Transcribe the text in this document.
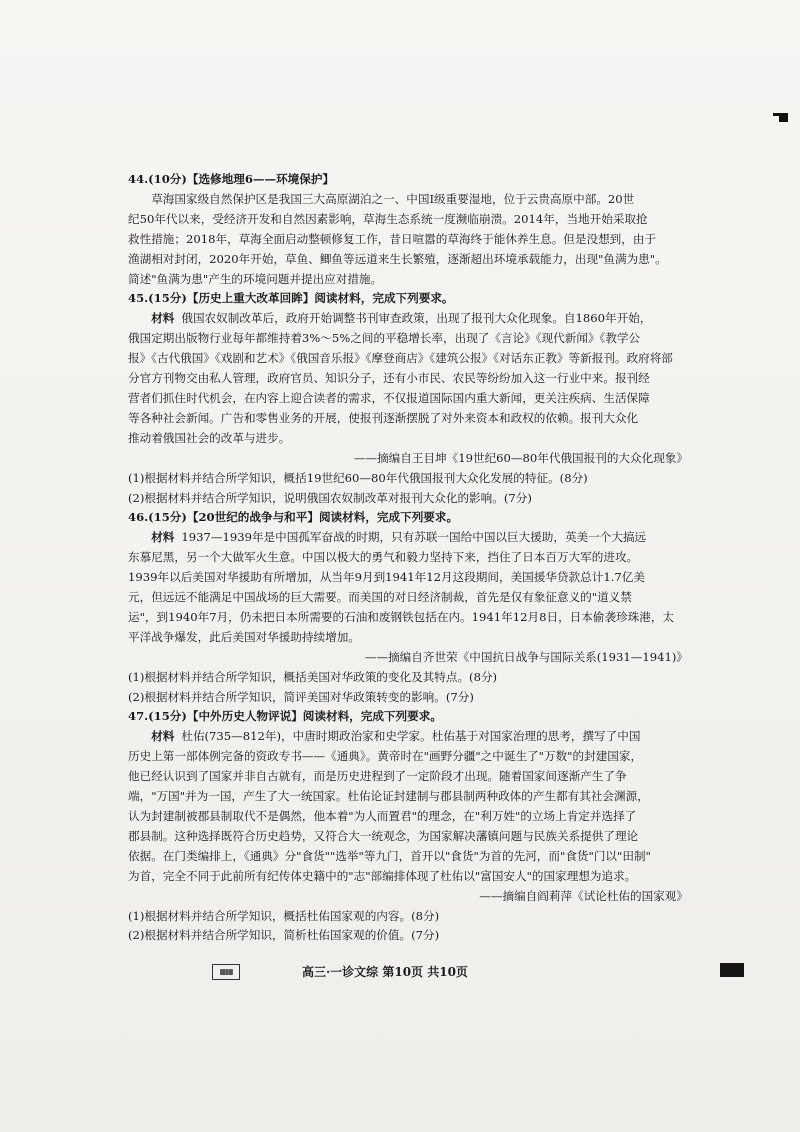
44.(10分)【选修地理6——环境保护】
草海国家级自然保护区是我国三大高原湖泊之一、中国Ⅰ级重要湿地，位于云贵高原中部。20世
纪50年代以来，受经济开发和自然因素影响，草海生态系统一度濒临崩溃。2014年，当地开始采取抢
救性措施；2018年，草海全面启动整顿修复工作，昔日喧嚣的草海终于能休养生息。但是没想到，由于
渔湖相对封闭，2020年开始，草鱼、鲫鱼等远道来生长繁殖，逐渐超出环境承载能力，出现"鱼满为患"。
简述"鱼满为患"产生的环境问题并提出应对措施。
45.(15分)【历史上重大改革回眸】阅读材料，完成下列要求。
材料 俄国农奴制改革后，政府开始调整书刊审查政策，出现了报刊大众化现象。自1860年开始，
俄国定期出版物行业每年都维持着3%～5%之间的平稳增长率，出现了《言论》《现代新闻》《教学公
报》《古代俄国》《戏剧和艺术》《俄国音乐报》《摩登商店》《建筑公报》《对话东正教》等新报刊。政府将部
分官方刊物交由私人管理，政府官员、知识分子，还有小市民、农民等纷纷加入这一行业中来。报刊经
营者们抓住时代机会，在内容上迎合读者的需求，不仅报道国际国内重大新闻，更关注疾病、生活保障
等各种社会新闻。广告和零售业务的开展，使报刊逐渐摆脱了对外来资本和政权的依赖。报刊大众化
推动着俄国社会的改革与进步。
——摘编自王目坤《19世纪60—80年代俄国报刊的大众化现象》
(1)根据材料并结合所学知识，概括19世纪60—80年代俄国报刊大众化发展的特征。(8分)
(2)根据材料并结合所学知识，说明俄国农奴制改革对报刊大众化的影响。(7分)
46.(15分)【20世纪的战争与和平】阅读材料，完成下列要求。
材料 1937—1939年是中国孤军奋战的时期，只有苏联一国给中国以巨大援助，英美一个大搞远
东慕尼黑，另一个大做军火生意。中国以极大的勇气和毅力坚持下来，挡住了日本百万大军的进攻。
1939年以后美国对华援助有所增加，从当年9月到1941年12月这段期间，美国援华贷款总计1.7亿美
元，但远远不能满足中国战场的巨大需要。而美国的对日经济制裁，首先是仅有象征意义的"道义禁
运"，到1940年7月，仍未把日本所需要的石油和废钢铁包括在内。1941年12月8日，日本偷袭珍珠港，太
平洋战争爆发，此后美国对华援助持续增加。
——摘编自齐世荣《中国抗日战争与国际关系(1931—1941)》
(1)根据材料并结合所学知识，概括美国对华政策的变化及其特点。(8分)
(2)根据材料并结合所学知识，简评美国对华政策转变的影响。(7分)
47.(15分)【中外历史人物评说】阅读材料，完成下列要求。
材料 杜佑(735—812年)，中唐时期政治家和史学家。杜佑基于对国家治理的思考，撰写了中国
历史上第一部体例完备的资政专书——《通典》。黄帝时在"画野分疆"之中诞生了"万数"的封建国家，
他已经认识到了国家并非自古就有，而是历史进程到了一定阶段才出现。随着国家间逐渐产生了争
端，"万国"并为一国，产生了大一统国家。杜佑论证封建制与郡县制两种政体的产生都有其社会渊源，
认为封建制被郡县制取代不是偶然，他本着"为人而置君"的理念，在"利万姓"的立场上肯定并选择了
郡县制。这种选择既符合历史趋势，又符合大一统观念，为国家解决藩镇问题与民族关系提供了理论
依据。在门类编排上，《通典》分"食货""选举"等九门，首开以"食货"为首的先河，而"食货"门以"田制"
为首，完全不同于此前所有纪传体史籍中的"志"部编排体现了杜佑以"富国安人"的国家理想为追求。
——摘编自阎莉萍《试论杜佑的国家观》
(1)根据材料并结合所学知识，概括杜佑国家观的内容。(8分)
(2)根据材料并结合所学知识，简析杜佑国家观的价值。(7分)
▦▦	高三·一诊文综 第10页 共10页
